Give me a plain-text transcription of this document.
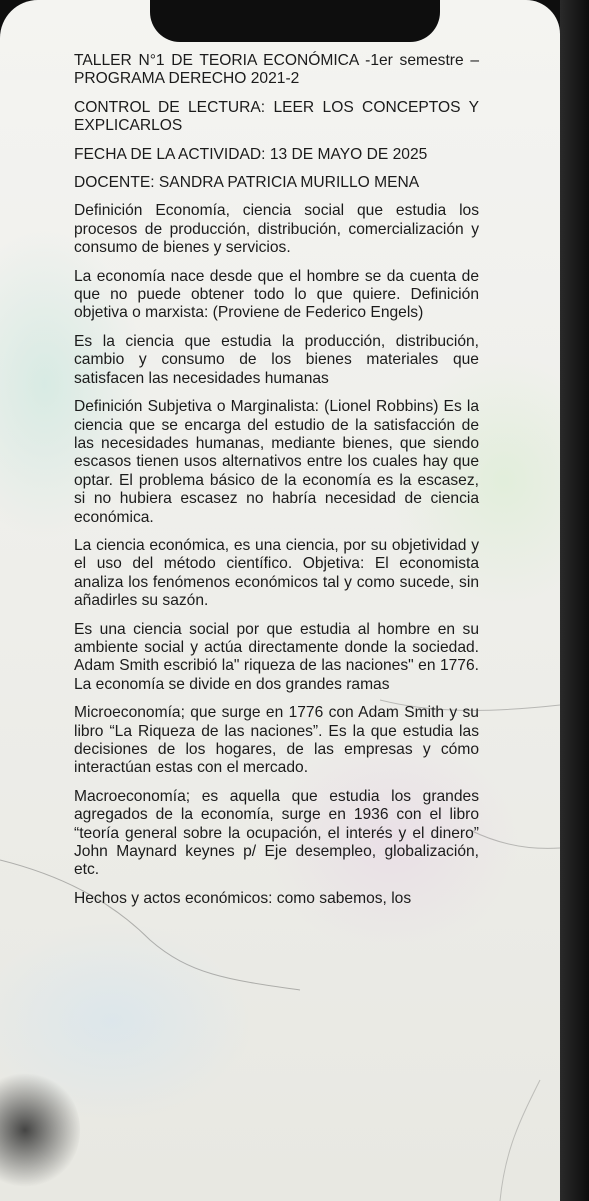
TALLER N°1 DE TEORIA ECONÓMICA -1er semestre –PROGRAMA DERECHO 2021-2

CONTROL DE LECTURA: LEER LOS CONCEPTOS Y EXPLICARLOS

FECHA DE LA ACTIVIDAD: 13 DE MAYO DE 2025

DOCENTE: SANDRA PATRICIA MURILLO MENA

Definición Economía, ciencia social que estudia los procesos de producción, distribución, comercialización y consumo de bienes y servicios.

La economía nace desde que el hombre se da cuenta de que no puede obtener todo lo que quiere. Definición objetiva o marxista: (Proviene de Federico Engels)

Es la ciencia que estudia la producción, distribución, cambio y consumo de los bienes materiales que satisfacen las necesidades humanas

Definición Subjetiva o Marginalista: (Lionel Robbins) Es la ciencia que se encarga del estudio de la satisfacción de las necesidades humanas, mediante bienes, que siendo escasos tienen usos alternativos entre los cuales hay que optar. El problema básico de la economía es la escasez, si no hubiera escasez no habría necesidad de ciencia económica.

La ciencia económica, es una ciencia, por su objetividad y el uso del método científico. Objetiva: El economista analiza los fenómenos económicos tal y como sucede, sin añadirles su sazón.

Es una ciencia social por que estudia al hombre en su ambiente social y actúa directamente donde la sociedad. Adam Smith escribió la" riqueza de las naciones" en 1776. La economía se divide en dos grandes ramas

Microeconomía; que surge en 1776 con Adam Smith y su libro “La Riqueza de las naciones”. Es la que estudia las decisiones de los hogares, de las empresas y cómo interactúan estas con el mercado.

Macroeconomía; es aquella que estudia los grandes agregados de la economía, surge en 1936 con el libro “teoría general sobre la ocupación, el interés y el dinero” John Maynard keynes p/ Eje desempleo, globalización, etc.

Hechos y actos económicos: como sabemos, los
